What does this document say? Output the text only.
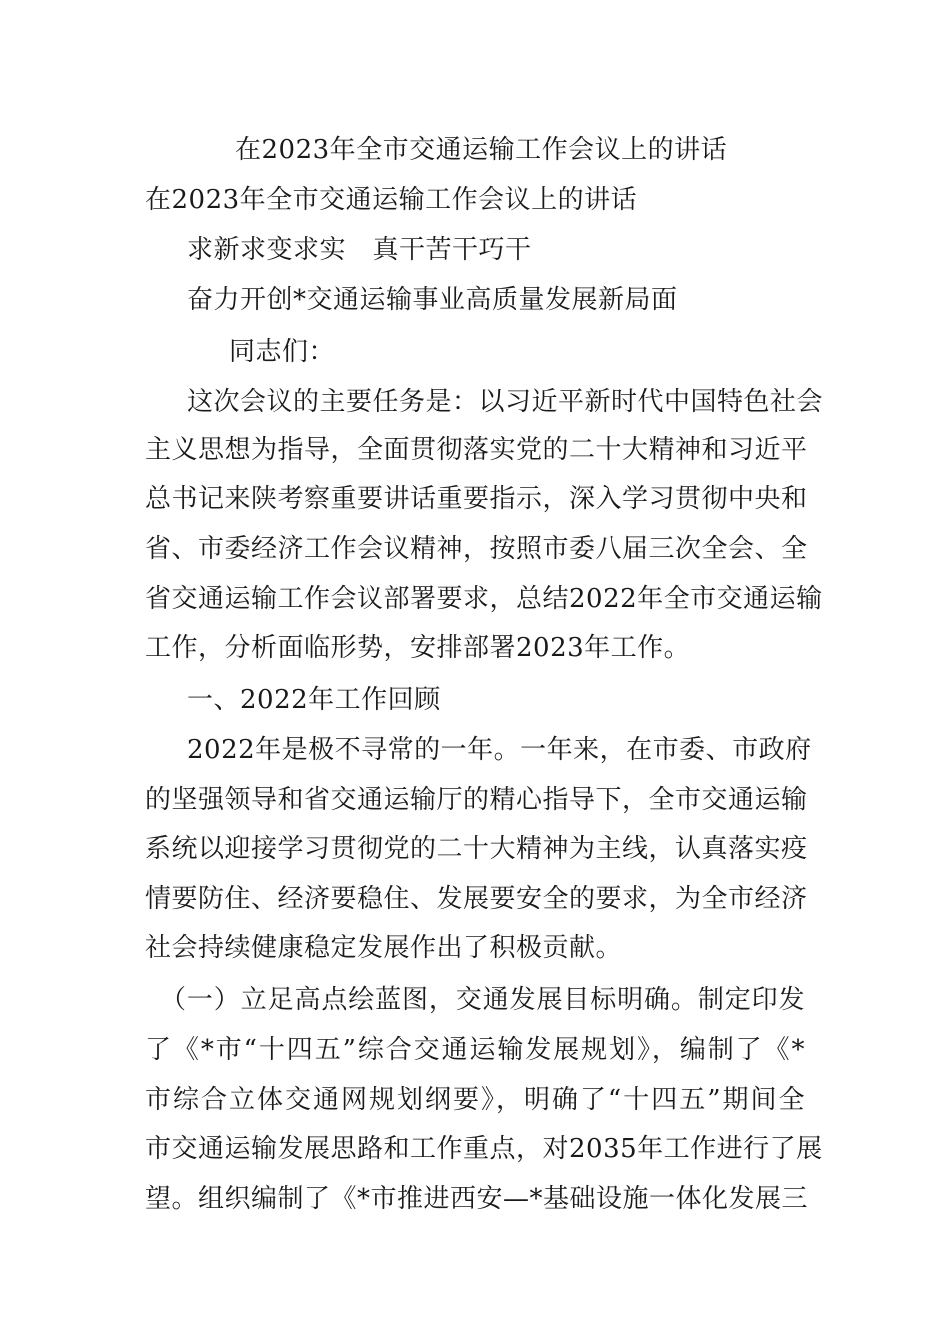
在2023年全市交通运输工作会议上的讲话
在2023年全市交通运输工作会议上的讲话
求新求变求实　真干苦干巧干
奋力开创*交通运输事业高质量发展新局面
同志们：
这次会议的主要任务是：以习近平新时代中国特色社会
主义思想为指导，全面贯彻落实党的二十大精神和习近平
总书记来陕考察重要讲话重要指示，深入学习贯彻中央和
省、市委经济工作会议精神，按照市委八届三次全会、全
省交通运输工作会议部署要求，总结2022年全市交通运输
工作，分析面临形势，安排部署2023年工作。
一、2022年工作回顾
2022年是极不寻常的一年。一年来，在市委、市政府
的坚强领导和省交通运输厅的精心指导下，全市交通运输
系统以迎接学习贯彻党的二十大精神为主线，认真落实疫
情要防住、经济要稳住、发展要安全的要求，为全市经济
社会持续健康稳定发展作出了积极贡献。
（一）立足高点绘蓝图，交通发展目标明确。制定印发
了《*市“十四五”综合交通运输发展规划》，编制了《*
市综合立体交通网规划纲要》，明确了“十四五”期间全
市交通运输发展思路和工作重点，对2035年工作进行了展
望。组织编制了《*市推进西安—*基础设施一体化发展三
